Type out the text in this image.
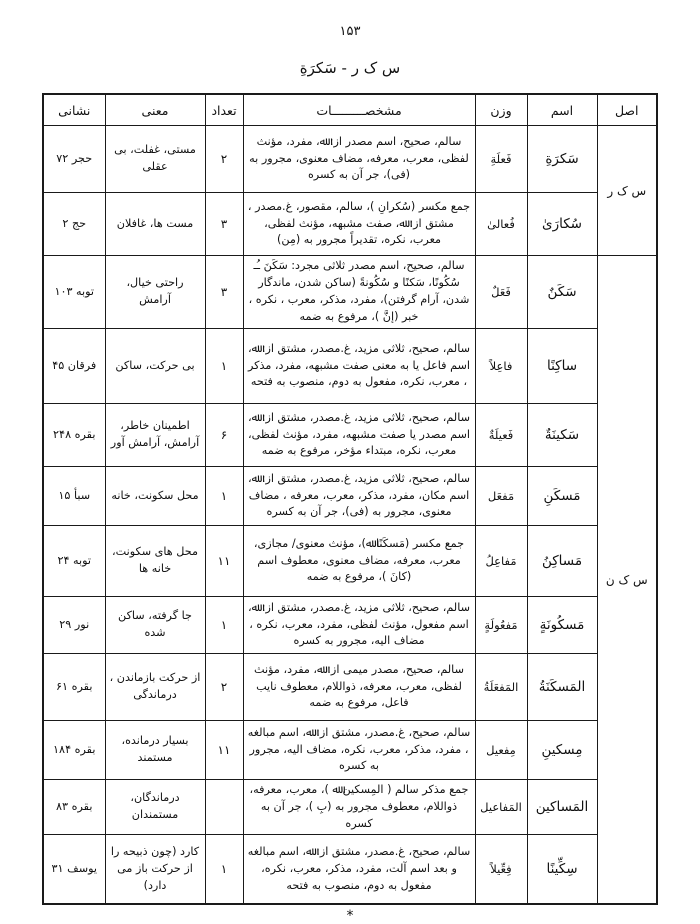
۱۵۳
س ک ر - سَكرَةِ
اصل	اسم	وزن	مشخصـــــــــات	تعداد	معنی	نشانی
س ک ر	سَكرَةِ	فَعلَةِ	سالم، صحیح، اسم مصدر از: ﷲ، مفرد، مؤنث لفظی، معرب، معرفه، مضاف معنوی، مجرور به (فی)، جر آن به کسره	۲	مستی، غفلت، بی عقلی	حجر ۷۲
	سُكارَیٰ	فُعالیٰ	جمع مکسر (سُكرانِ )، سالم، مقصور، غ.مصدر ، مشتق از: ﷲ، صفت مشبهه، مؤنث لفظی، معرب، نکره، تقدیراً مجرور به (مِن)	۳	مست ها، غافلان	حج ۲
س ک ن	سَكَنٌ	فَعَلٌ	سالم، صحیح، اسم مصدر ثلاثی مجرد: سَكَنَ ـُـ سُكُونًا، سَكنًا و سُكُونةً (ساکن شدن، ماندگار شدن، آرام گرفتن)، مفرد، مذکر، معرب ، نکره ، خبر (إنَّ )، مرفوع به ضمه	۳	راحتی خیال، آرامش	توبه ۱۰۳
	ساكِنًا	فاعِلاً	سالم، صحیح، ثلاثی مزید، غ.مصدر، مشتق از: ﷲ، اسم فاعل یا به معنی صفت مشبهه، مفرد، مذکر ، معرب، نکره، مفعول به دوم، منصوب به فتحه	۱	بی حرکت، ساکن	فرقان ۴۵
	سَكينَةٌ	فَعیلَةٌ	سالم، صحیح، ثلاثی مزید، غ.مصدر، مشتق از: ﷲ، اسم مصدر یا صفت مشبهه، مفرد، مؤنث لفظی، معرب، نکره، مبتداء مؤخر، مرفوع به ضمه	۶	اطمینان خاطر، آرامش، آرامش آور	بقره ۲۴۸
	مَسكَنِ	مَفعَل	سالم، صحیح، ثلاثی مزید، غ.مصدر، مشتق از: ﷲ، اسم مکان، مفرد، مذکر، معرب، معرفه ، مضاف معنوی، مجرور به (فی)، جر آن به کسره	۱	محل سکونت، خانه	سبأ ۱۵
	مَساكِنُ	مَفاعِلُ	جمع مکسر (مَسكَنًا ﷲ)، مؤنث معنوی/ مجازی، معرب، معرفه، مضاف معنوی، معطوف اسم (كانَ )، مرفوع به ضمه	۱۱	محل های سکونت، خانه ها	توبه ۲۴
	مَسكُونَةٍ	مَفعُولَةٍ	سالم، صحیح، ثلاثی مزید، غ.مصدر، مشتق از: ﷲ، اسم مفعول، مؤنث لفظی، مفرد، معرب، نکره ، مضاف الیه، مجرور به کسره	۱	جا گرفته، ساکن شده	نور ۲۹
	المَسكَنَةُ	المَفعَلَةُ	سالم، صحیح، مصدر میمی از: ﷲ، مفرد، مؤنث لفظی، معرب، معرفه، ذواللام، معطوف نایب فاعل، مرفوع به ضمه	۲	از حرکت بازماندن ، درماندگی	بقره ۶۱
	مِسكينِ	مِفعیل	سالم، صحیح، غ.مصدر، مشتق از: ﷲ، اسم مبالغه ، مفرد، مذکر، معرب، نکره، مضاف الیه، مجرور به کسره	۱۱	بسیار درمانده، مستمند	بقره ۱۸۴
	المَساكين	المَفاعیل	جمع مذکر سالم ( المِسكين ﷲ )، معرب، معرفه، ذواللام، معطوف مجرور به (بِ )، جر آن به کسره		درماندگان، مستمندان	بقره ۸۳
	سِكِّينًا	فِعِّیلاً	سالم، صحیح، غ.مصدر، مشتق از: ﷲ، اسم مبالغه و بعد اسم آلت، مفرد، مذکر، معرب، نکره، مفعول به دوم، منصوب به فتحه	۱	کارد (چون ذبیحه را از حرکت باز می دارد)	یوسف ۳۱
*
